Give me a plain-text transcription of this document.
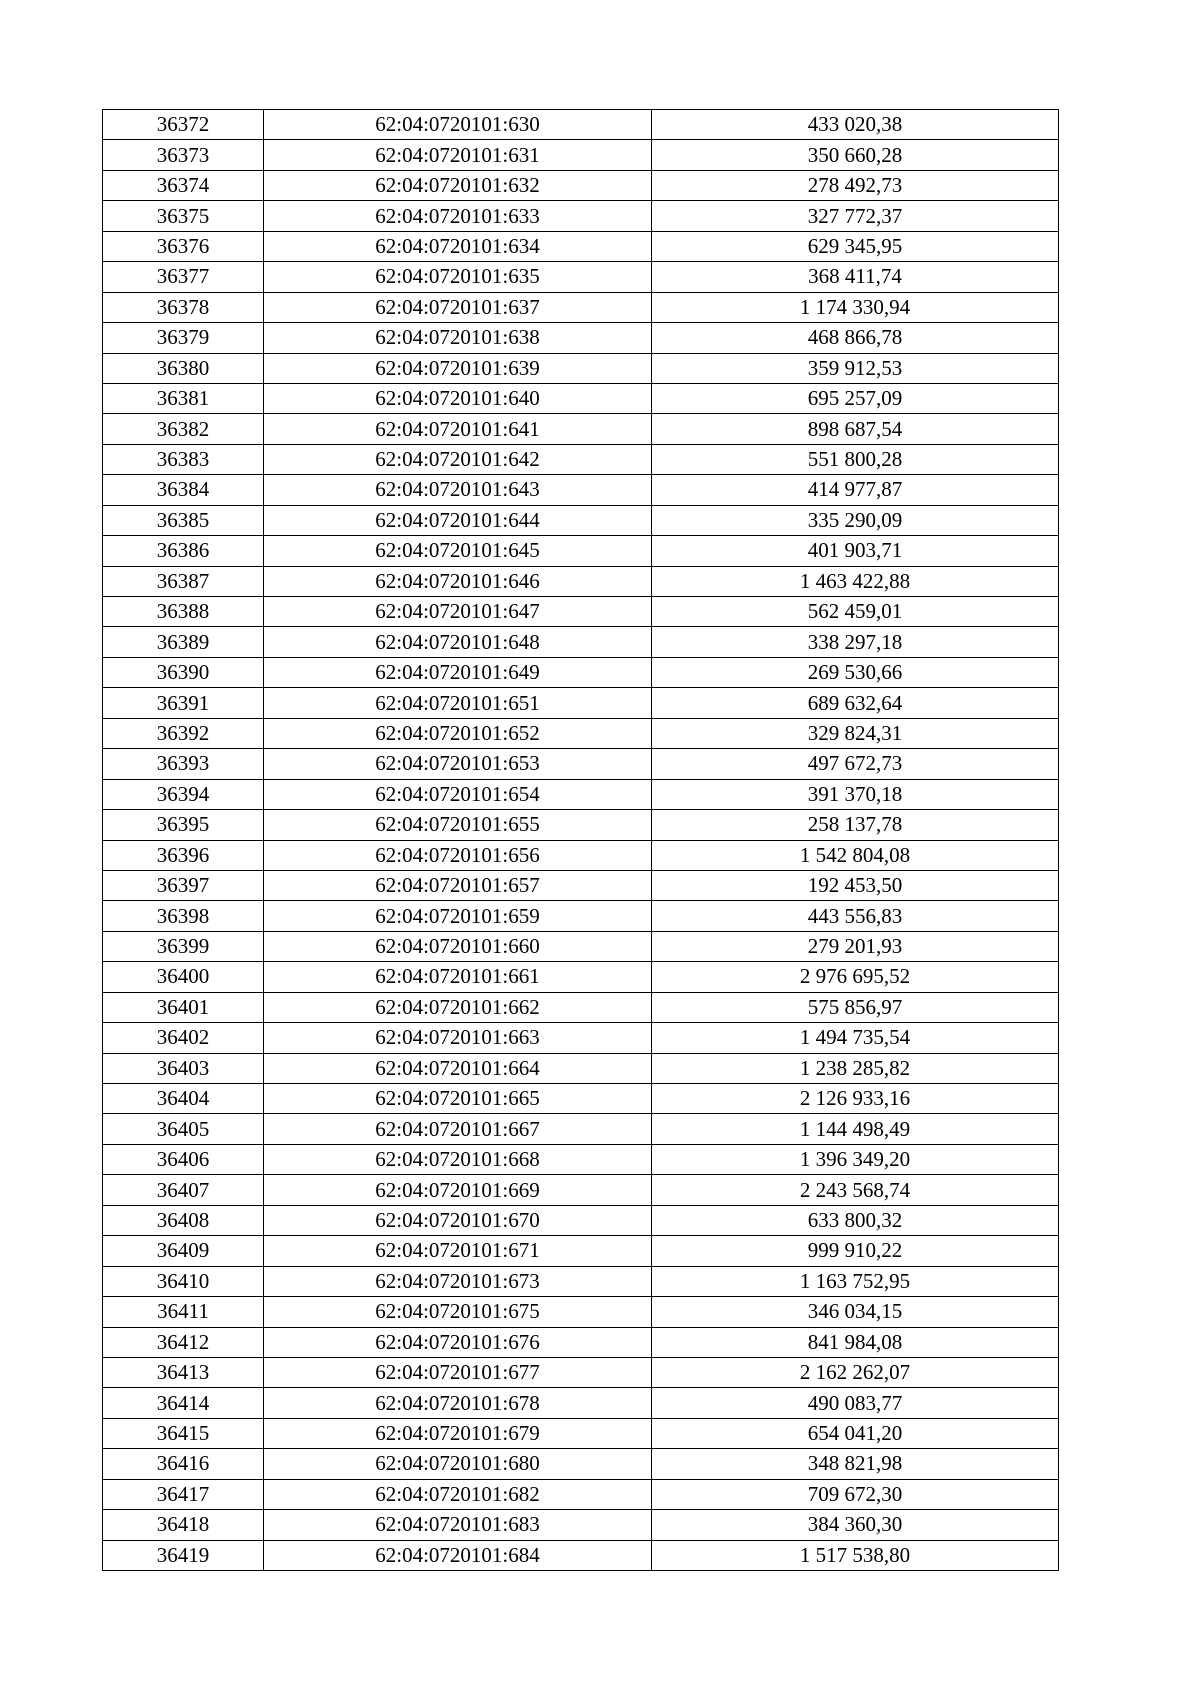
36372	62:04:0720101:630	433 020,38
36373	62:04:0720101:631	350 660,28
36374	62:04:0720101:632	278 492,73
36375	62:04:0720101:633	327 772,37
36376	62:04:0720101:634	629 345,95
36377	62:04:0720101:635	368 411,74
36378	62:04:0720101:637	1 174 330,94
36379	62:04:0720101:638	468 866,78
36380	62:04:0720101:639	359 912,53
36381	62:04:0720101:640	695 257,09
36382	62:04:0720101:641	898 687,54
36383	62:04:0720101:642	551 800,28
36384	62:04:0720101:643	414 977,87
36385	62:04:0720101:644	335 290,09
36386	62:04:0720101:645	401 903,71
36387	62:04:0720101:646	1 463 422,88
36388	62:04:0720101:647	562 459,01
36389	62:04:0720101:648	338 297,18
36390	62:04:0720101:649	269 530,66
36391	62:04:0720101:651	689 632,64
36392	62:04:0720101:652	329 824,31
36393	62:04:0720101:653	497 672,73
36394	62:04:0720101:654	391 370,18
36395	62:04:0720101:655	258 137,78
36396	62:04:0720101:656	1 542 804,08
36397	62:04:0720101:657	192 453,50
36398	62:04:0720101:659	443 556,83
36399	62:04:0720101:660	279 201,93
36400	62:04:0720101:661	2 976 695,52
36401	62:04:0720101:662	575 856,97
36402	62:04:0720101:663	1 494 735,54
36403	62:04:0720101:664	1 238 285,82
36404	62:04:0720101:665	2 126 933,16
36405	62:04:0720101:667	1 144 498,49
36406	62:04:0720101:668	1 396 349,20
36407	62:04:0720101:669	2 243 568,74
36408	62:04:0720101:670	633 800,32
36409	62:04:0720101:671	999 910,22
36410	62:04:0720101:673	1 163 752,95
36411	62:04:0720101:675	346 034,15
36412	62:04:0720101:676	841 984,08
36413	62:04:0720101:677	2 162 262,07
36414	62:04:0720101:678	490 083,77
36415	62:04:0720101:679	654 041,20
36416	62:04:0720101:680	348 821,98
36417	62:04:0720101:682	709 672,30
36418	62:04:0720101:683	384 360,30
36419	62:04:0720101:684	1 517 538,80
